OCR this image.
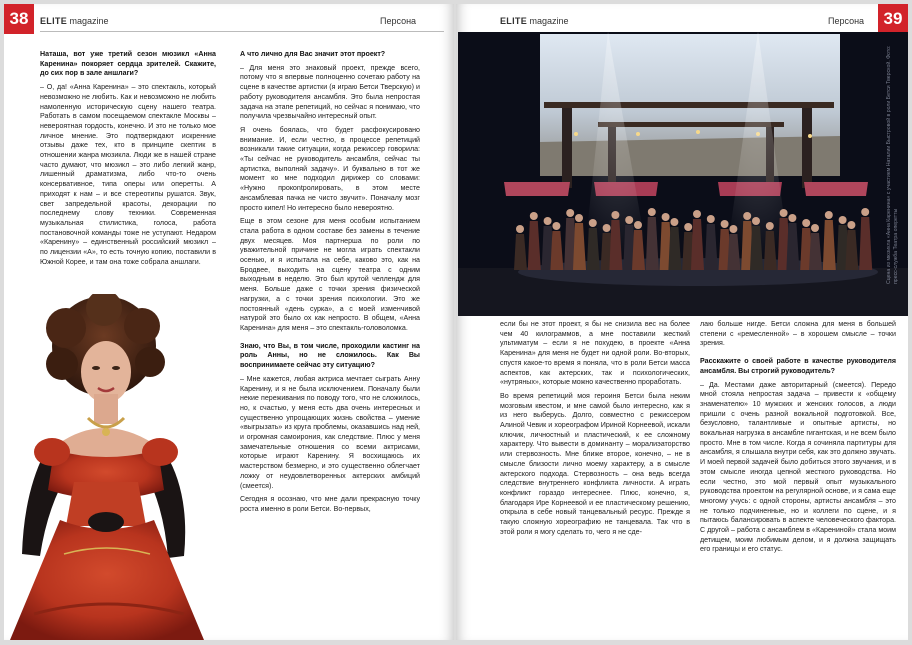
38	ELITE magazine	Персона

Наташа, вот уже третий сезон мюзикл «Анна Каренина» покоряет сердца зрителей. Скажите, до сих пор в зале аншлаги?

– О, да! «Анна Каренина» – это спектакль, который невозможно не любить. Как и невозможно не любить намоленную историческую сцену нашего театра. Работать в самом посещаемом спектакле Москвы – невероятная гордость, конечно. И это не только мое личное мнение. Это подтверждают искренние отзывы даже тех, кто в принципе скептик в отношении жанра мюзикла. Люди же в нашей стране часто думают, что мюзикл – это либо легкий жанр, лишенный драматизма, либо что-то очень консервативное, типа оперы или оперетты. А приходят к нам – и все стереотипы рушатся. Звук, свет запредельной красоты, декорации по последнему слову техники. Современная музыкальная стилистика, голоса, работа постановочной команды тоже не уступают. Недаром «Каренину» – единственный российский мюзикл – по лицензии «A», то есть точную копию, поставили в Южной Корее, и там она тоже собрала аншлаги.

А что лично для Вас значит этот проект?

– Для меня это знаковый проект, прежде всего, потому что я впервые полноценно сочетаю работу на сцене в качестве артистки (я играю Бетси Тверскую) и работу руководителя ансамбля. Это была непростая задача на этапе репетиций, но сейчас я понимаю, что получила чрезвычайно интересный опыт.

Я очень боялась, что будет расфокусировано внимание. И, если честно, в процессе репетиций возникали такие ситуации, когда режиссер говорила: «Ты сейчас не руководитель ансамбля, сейчас ты артистка, выполняй задачу». И буквально в тот же момент ко мне подходил дирижер со словами: «Нужно прокontролировать, в этом месте ансамблевая пачка не чисто звучит». Поначалу мозг просто кипел! Но интересно было невероятно.

Еще в этом сезоне для меня особым испытанием стала работа в одном составе без замены в течение двух месяцев. Моя партнерша по роли по уважительной причине не могла играть спектакли осенью, и я испытала на себе, каково это, как на Бродвее, выходить на сцену театра с одним выходным в неделю. Это был крутой челлендж для меня. Больше даже с точки зрения физической нагрузки, а с точки зрения психологии. Это же постоянный «день сурка», а с моей изменчивой натурой это было ох как непросто. В общем, «Анна Каренина» для меня – это спектакль-головоломка.

Знаю, что Вы, в том числе, проходили кастинг на роль Анны, но не сложилось. Как Вы воспринимаете сейчас эту ситуацию?

– Мне кажется, любая актриса мечтает сыграть Анну Каренину, и я не была исключением. Поначалу были некие переживания по поводу того, что не сложилось, но, к счастью, у меня есть два очень интересных и существенно упрощающих жизнь свойства – умение «выгрызать» из кругa проблемы, оказавшись над ней, и огромная самоирония, как следствие. Плюс у меня замечательные отношения со всеми актрисами, которые играют Каренину. Я восхищаюсь их мастерством безмерно, и это существенно облегчает ложку от неудовлетворенных актерских амбиций (смеется).

Сегодня я осознаю, что мне дали прекрасную точку роста именно в роли Бетси. Во-первых,

ELITE magazine	Персона	39
Сцена из мюзикла «Анна Каренина» с участием Наталии Быстровой в роли Бетси Тверской. Фото: пресс-служба Театра оперетты

если бы не этот проект, я бы не снизила вес на более чем 40 килограммов, а мне поставили жесткий ультиматум – если я не похудею, в проекте «Анна Каренина» для меня не будет ни одной роли. Во-вторых, спустя какое-то время я поняла, что в роли Бетси масса аспектов, как актерских, так и психологических, «нутряных», которые можно качественно проработать.

Во время репетиций моя героиня Бетси была неким мозговым квестом, и мне самой было интересно, как я из него выберусь. Долго, совместно с режиссером Алиной Чевик и хореографом Ириной Корнеевой, искали ключик, личностный и пластический, к ее сложному характеру. Что вывести в доминанту – моралиэаторство или стервозность. Мне ближе второе, конечно, – не в смысле близости лично моему характеру, а в смысле актерского подхода. Стервозность – она ведь всегда следствие внутреннего конфликта личности. А играть конфликт гораздо интереснее. Плюс, конечно, я, благодаря Ире Корнеевой и ее пластическому решению, открыла в себе новый танцевальный ресурс. Прежде я такую сложную хореографию не танцевала. Так что в этой роли я могу сделать то, чего я не сде-

лаю больше нигде. Бетси сложна для меня в большей степени с «ремесленной» – в хорошем смысле – точки зрения.

Расскажите о своей работе в качестве руководителя ансамбля. Вы строгий руководитель?

– Да. Местами даже авторитарный (смеется). Передо мной стояла непростая задача – привести к «общему знаменателю» 10 мужских и женских голосов, а люди пришли с очень разной вокальной подготовкой. Все, безусловно, талантливые и опытные артисты, но вокальная нагрузка в ансамбле гигантская, и не всем было просто. Мне в том числе. Когда я сочиняла партитуры для ансамбля, я слышала внутри себя, как это должно звучать. И моей первой задачей было добиться этого звучания, и в этом смысле иногда цепной жесткого руководства. Но если честно, это мой первый опыт музыкального руководства проектом на регулярной основе, и я сама еще многому учусь: с одной стороны, артисты ансамбля – это не только подчиненные, но и коллеги по сцене, и я пытаюсь балансировать в аспекте человеческого фактора. С другой – работа с ансамблем в «Карениной» стала моим детищем, моим любимым делом, и я должна защищать его границы и его статус.
